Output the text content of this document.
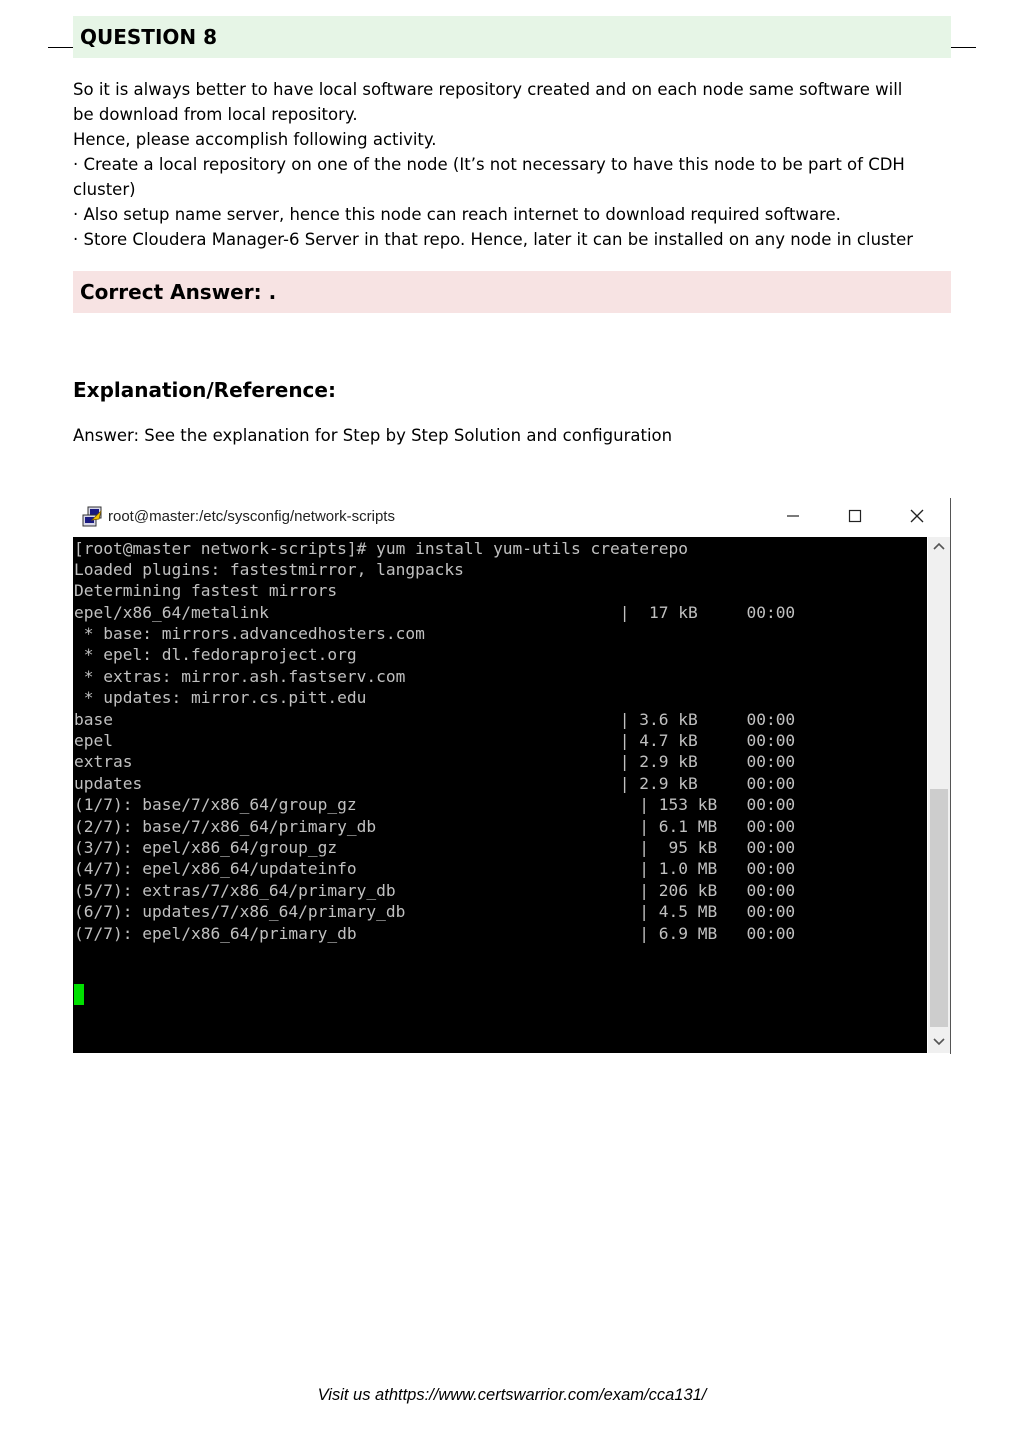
QUESTION 8

So it is always better to have local software repository created and on each node same software will

be download from local repository.

Hence, please accomplish following activity.

· Create a local repository on one of the node (It’s not necessary to have this node to be part of CDH

cluster)

· Also setup name server, hence this node can reach internet to download required software.

· Store Cloudera Manager-6 Server in that repo. Hence, later it can be installed on any node in cluster

Correct Answer: .
Explanation/Reference:
Answer: See the explanation for Step by Step Solution and configuration
root@master:/etc/sysconfig/network-scripts
[root@master network-scripts]# yum install yum-utils createrepo
Loaded plugins: fastestmirror, langpacks
Determining fastest mirrors
epel/x86_64/metalink                                    |  17 kB     00:00
* base: mirrors.advancedhosters.com
* epel: dl.fedoraproject.org
* extras: mirror.ash.fastserv.com
* updates: mirror.cs.pitt.edu
base                                                    | 3.6 kB     00:00
epel                                                    | 4.7 kB     00:00
extras                                                  | 2.9 kB     00:00
updates                                                 | 2.9 kB     00:00
(1/7): base/7/x86_64/group_gz                             | 153 kB   00:00
(2/7): base/7/x86_64/primary_db                           | 6.1 MB   00:00
(3/7): epel/x86_64/group_gz                               |  95 kB   00:00
(4/7): epel/x86_64/updateinfo                             | 1.0 MB   00:00
(5/7): extras/7/x86_64/primary_db                         | 206 kB   00:00
(6/7): updates/7/x86_64/primary_db                        | 4.5 MB   00:00
(7/7): epel/x86_64/primary_db                             | 6.9 MB   00:00
Visit us athttps://www.certswarrior.com/exam/cca131/
